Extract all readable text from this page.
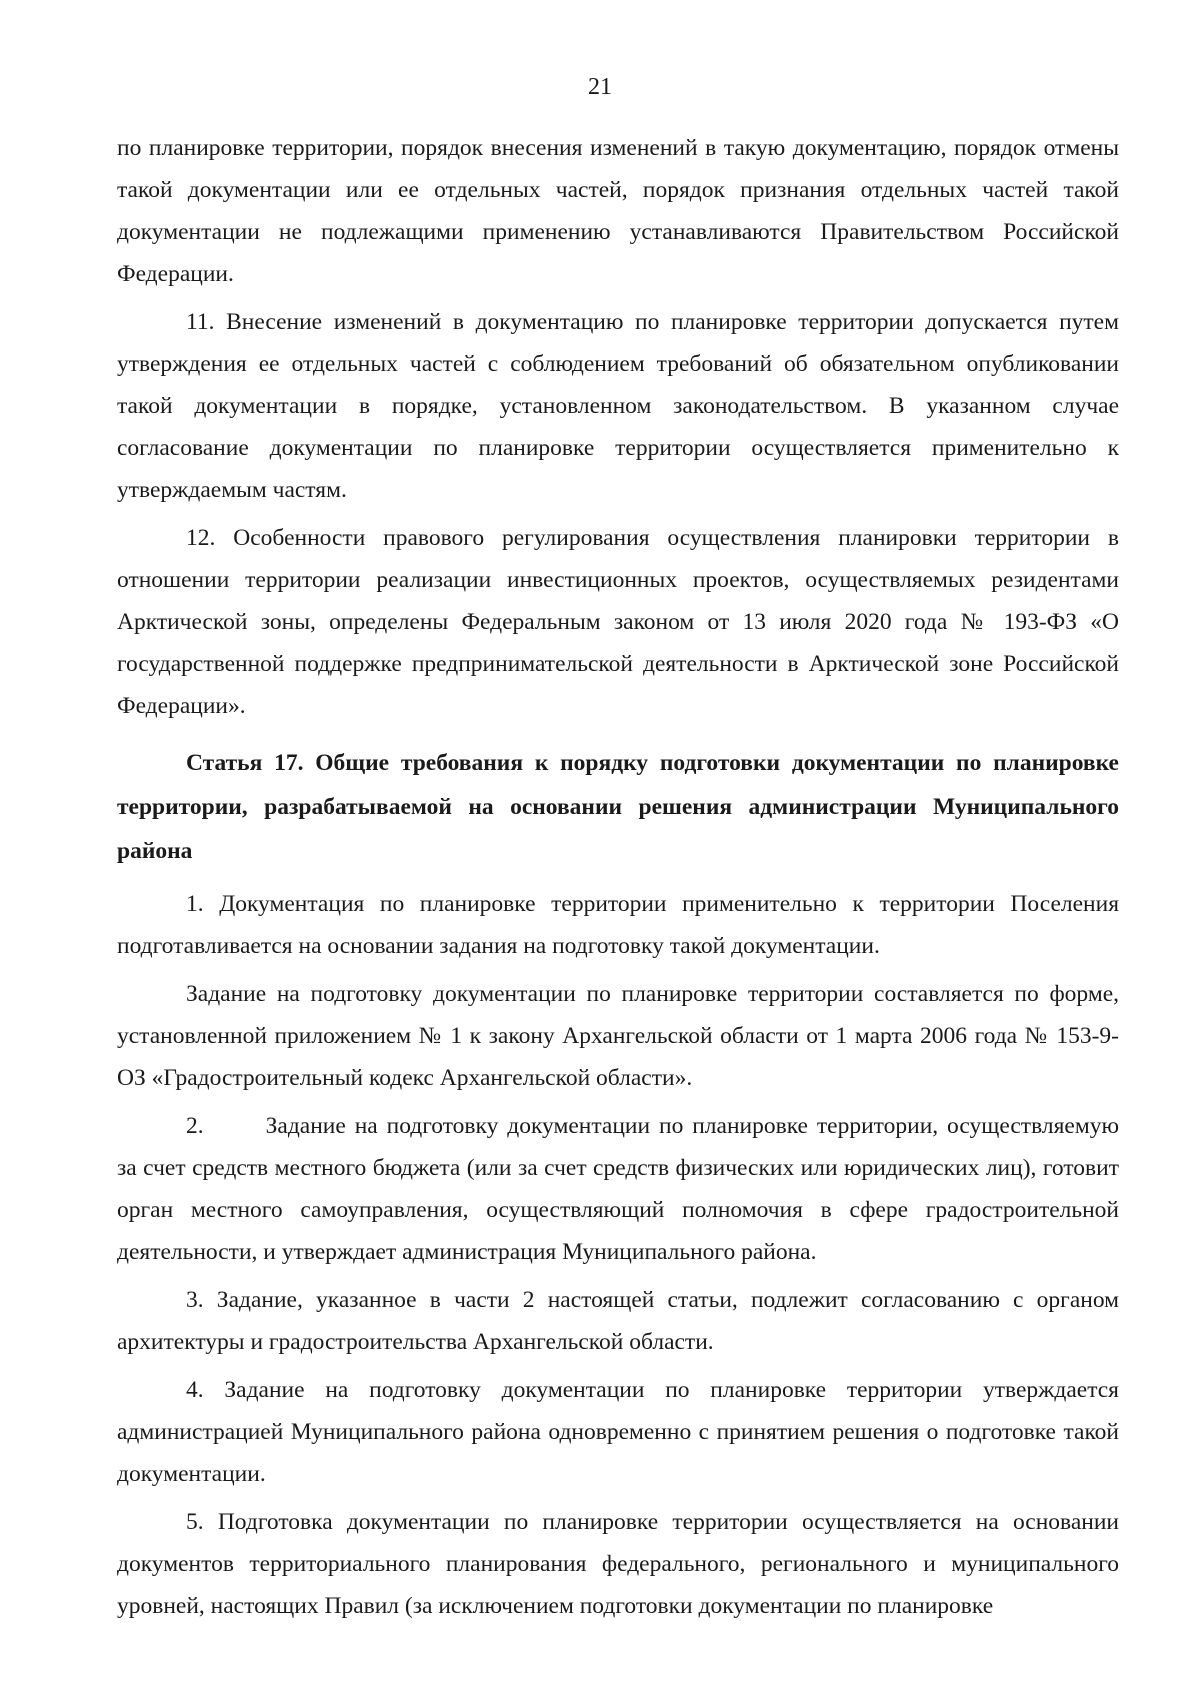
21

по планировке территории, порядок внесения изменений в такую документацию, порядок отмены такой документации или ее отдельных частей, порядок признания отдельных частей такой документации не подлежащими применению устанавливаются Правительством Российской Федерации.

11. Внесение изменений в документацию по планировке территории допускается путем утверждения ее отдельных частей с соблюдением требований об обязательном опубликовании такой документации в порядке, установленном законодательством. В указанном случае согласование документации по планировке территории осуществляется применительно к утверждаемым частям.

12. Особенности правового регулирования осуществления планировки территории в отношении территории реализации инвестиционных проектов, осуществляемых резидентами Арктической зоны, определены Федеральным законом от 13 июля 2020 года № 193-ФЗ «О государственной поддержке предпринимательской деятельности в Арктической зоне Российской Федерации».

Статья 17. Общие требования к порядку подготовки документации по планировке территории, разрабатываемой на основании решения администрации Муниципального района

1. Документация по планировке территории применительно к территории Поселения подготавливается на основании задания на подготовку такой документации.

Задание на подготовку документации по планировке территории составляется по форме, установленной приложением № 1 к закону Архангельской области от 1 марта 2006 года № 153-9-ОЗ «Градостроительный кодекс Архангельской области».

2.	Задание на подготовку документации по планировке территории, осуществляемую за счет средств местного бюджета (или за счет средств физических или юридических лиц), готовит орган местного самоуправления, осуществляющий полномочия в сфере градостроительной деятельности, и утверждает администрация Муниципального района.

3. Задание, указанное в части 2 настоящей статьи, подлежит согласованию с органом архитектуры и градостроительства Архангельской области.

4. Задание на подготовку документации по планировке территории утверждается администрацией Муниципального района одновременно с принятием решения о подготовке такой документации.

5. Подготовка документации по планировке территории осуществляется на основании документов территориального планирования федерального, регионального и муниципального уровней, настоящих Правил (за исключением подготовки документации по планировке
